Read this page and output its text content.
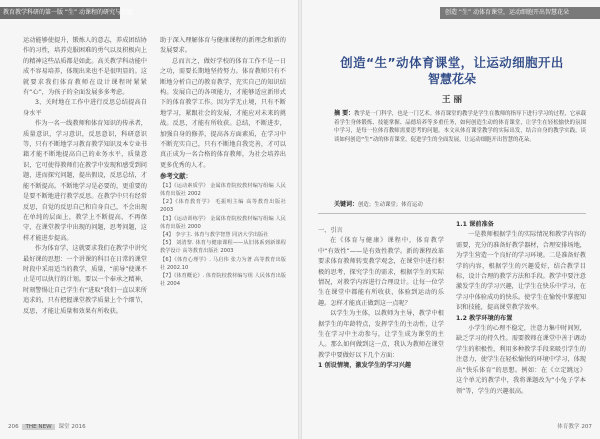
教育教学科研的第一版 “生” 动课程的研究与实践	创造 “生” 动体育课堂，运动细胞开出智慧花朵

运动能够使提升，锻炼人的意志，养成团结协作的习性，培养克服困难的勇气以及积极向上的精神这些品质都是如此。高关教学科动能中成不容易培养，体现出来也不是很明显的。这就要求我们体育教师在设计课程时紧紧有“心”，为孩子的全面发展多多考虑。

3、关时地在工作中进行反思总结提高自身水平

作为一名一线教师和体育知识的传承者，质量意识，学习意识，反思意识，科研意识等，只有不断地学习教育教学知识及本专业书籍才能不断地提高自己的业务水平，质量意识，它可使得教师们在教学中发现和感受到问题，进而探究问题，提出假设，反思总结，才能不断提高。不断地学习是必要的，更重要的是要不断地进行教学反思。在教学中只有经常反思，自觉的反思自己和自身自己，不会出现在单纯的层面上，教学上不断提高，不再保守，在课堂教学中出现的问题，思考问题，这样才能进步提高。

作为体育学，这就要求我们在教学中讲究最好课的思想：一个讲课的科目在日常的课堂时段中采用适当的教学，质量，“前导”使课不止是可以执行的计划。要以一个奉承之精神，时刻警惕让自己学生有“进取”我们一直以来所追求的，只有把握课堂教学质量上个个细节，反思，才能让质量和效果有所收获。

助于深入理解体育与健康课程的新理念和新的发展要求。

总而言之，做好学校的体育工作不是一日之功，需要长期地坚持努力。体育教师只有不断地分析自己的教育教学，充实自己的知识结构。发展自己的各项能力，才能够适应新形式下的体育教学工作。因为学无止境，只有不断地学习，紧跟社会的发展，才能应对未来的挑战。反思，才能有所收获。总结，不断进步，加强自身的修养，提高各方面素质，在学习中不断充实自己，只有不断地自我完善，才可以真正成为一名合格的体育教师，为社会培养出更多优秀的人才。

参考文献：

【1】《运动素质学》 金属体育院校教材编写组编 人民体育出版社 2002

【2】《体育教育学》 毛振明主编 高等教育出版社 2003

【3】《运动训练学》 金属体育院校教材编写组编 人民体育出版社 2000

【4】 李宇主. 体育与教学智慧 同济大学出版社

【5】 刘清黎. 体育与健康课程——从旧体系到新课程教学设计 高等教育出版社 2003

【6】《体育心理学》. 马启伟 张力为著 高等教育出版社 2002.10

【7】《体育概论》. 体育院校教材编写组 人民体育出版社 2004

创造“生”动体育课堂，让运动细胞开出
智慧花朵
王 丽
摘 要：教学是一门科学，也是一门艺术。体育课堂的教学是学生在教师的指导下进行学习的过程，它承载着学生身体锻炼、技能掌握、品德培养等多重任务，如何创造生动的体育课堂，让学生在轻松愉快的氛围中学习，是每一位体育教师需要思考的问题。本文从体育课堂教学的实际出发，结合自身的教学实践，谈谈如何创造“生”动的体育课堂，促进学生的全面发展，让运动细胞开出智慧的花朵。
关键词：创造；生动课堂；体育运动

一、引言

在《体育与健康》课程中，体育教学中“有效性”——是有效性教学。新的课程改革要求体育教师转变教学观念，在课堂中进行积极的思考，探究学生的需求，根据学生的实际情况，对教学内容进行合理设计。让每一位学生在课堂中都能有所收获，体验到运动的乐趣。怎样才能真正做到这一点呢？

以学生为主体，以教师为主导，教学中根据学生的年龄特点，发挥学生的主动性，让学生在学习中主动参与，让学生成为课堂的主人。那么如何做到这一点，我认为教师在课堂教学中要做好以下几个方面：

1 创设情境，激发学生的学习兴趣

1.1 课前准备

一是教师根据学生的实际情况和教学内容的需要，充分的准备好教学器材，合理安排场地，为学生营造一个良好的学习环境。二是准备好教学的内容，根据学生的兴趣爱好，结合教学目标，设计合理的教学方法和手段。教学中要注意激发学生的学习兴趣，让学生在快乐中学习，在学习中体验成功的快乐。使学生在愉悦中掌握知识和技能，提高课堂教学效率。

1.2 教学环境的布置

小学生的心理不稳定，注意力集中时间短，缺乏学习的持久性。需要教师在课堂中善于调动学生的积极性，利用多种教学手段来吸引学生的注意力，使学生在轻松愉快的环境中学习，体现出“快乐体育”的思想。例如：在《立定跳远》这个单元的教学中，我将课题改为“小兔子学本领”等，学生的兴趣很高。

206 THE NEW 课堂 2016	体育教学 207
